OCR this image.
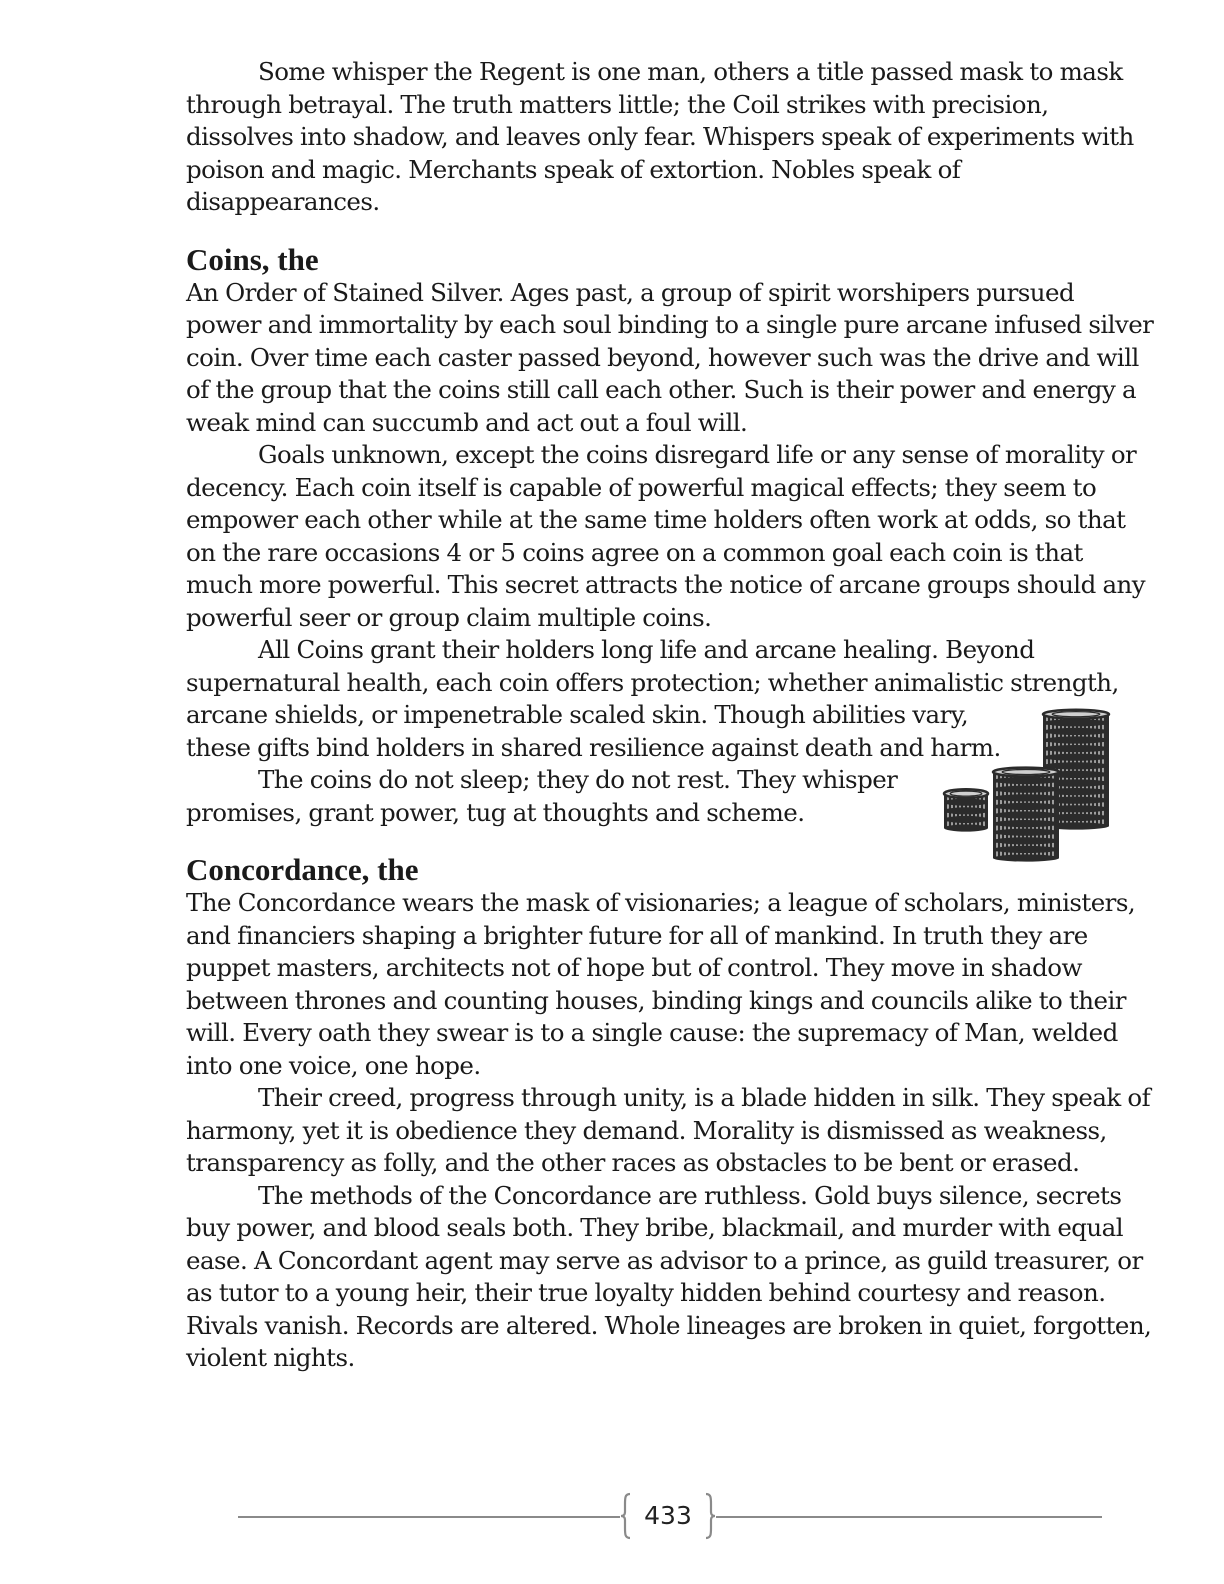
Some whisper the Regent is one man, others a title passed mask to mask through betrayal. The truth matters little; the Coil strikes with precision, dissolves into shadow, and leaves only fear. Whispers speak of experiments with poison and magic. Merchants speak of extortion. Nobles speak of disappearances.

Coins, the

An Order of Stained Silver. Ages past, a group of spirit worshipers pursued power and immortality by each soul binding to a single pure arcane infused silver coin. Over time each caster passed beyond, however such was the drive and will of the group that the coins still call each other. Such is their power and energy a weak mind can succumb and act out a foul will.

Goals unknown, except the coins disregard life or any sense of morality or decency. Each coin itself is capable of powerful magical effects; they seem to empower each other while at the same time holders often work at odds, so that on the rare occasions 4 or 5 coins agree on a common goal each coin is that much more powerful. This secret attracts the notice of arcane groups should any powerful seer or group claim multiple coins.

All Coins grant their holders long life and arcane healing. Beyond supernatural health, each coin offers protection; whether animalistic strength, arcane shields, or impenetrable scaled skin. Though abilities vary,
these gifts bind holders in shared resilience against death and harm.

The coins do not sleep; they do not rest. They whisper
promises, grant power, tug at thoughts and scheme.

Concordance, the

The Concordance wears the mask of visionaries; a league of scholars, ministers, and financiers shaping a brighter future for all of mankind. In truth they are puppet masters, architects not of hope but of control. They move in shadow between thrones and counting houses, binding kings and councils alike to their will. Every oath they swear is to a single cause: the supremacy of Man, welded into one voice, one hope.

Their creed, progress through unity, is a blade hidden in silk. They speak of harmony, yet it is obedience they demand. Morality is dismissed as weakness, transparency as folly, and the other races as obstacles to be bent or erased.

The methods of the Concordance are ruthless. Gold buys silence, secrets buy power, and blood seals both. They bribe, blackmail, and murder with equal ease. A Concordant agent may serve as advisor to a prince, as guild treasurer, or as tutor to a young heir, their true loyalty hidden behind courtesy and reason. Rivals vanish. Records are altered. Whole lineages are broken in quiet, forgotten, violent nights.

433
